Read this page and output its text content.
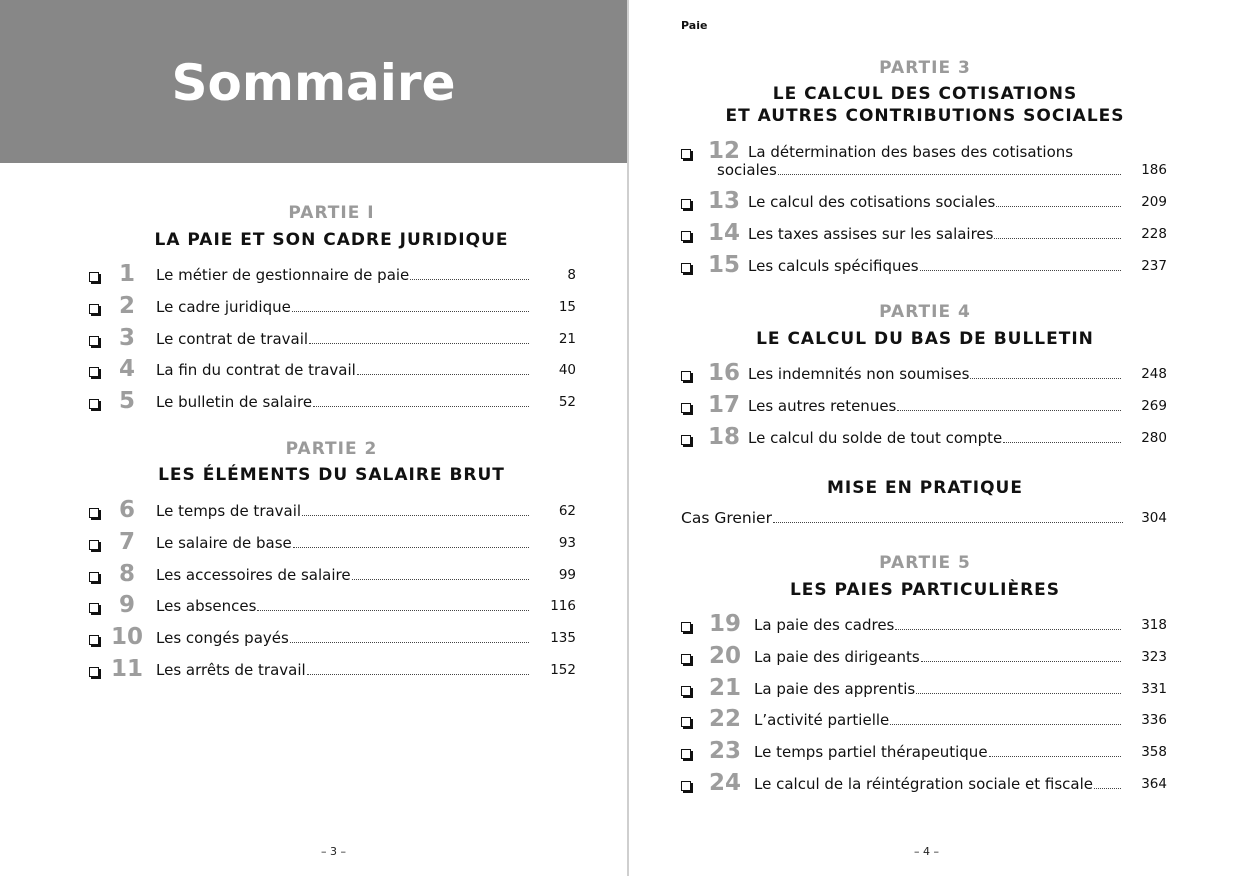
Sommaire
PARTIE I
LA PAIE ET SON CADRE JURIDIQUE
1	Le métier de gestionnaire de paie	8
2	Le cadre juridique	15
3	Le contrat de travail	21
4	La fin du contrat de travail	40
5	Le bulletin de salaire	52
PARTIE 2
LES ÉLÉMENTS DU SALAIRE BRUT
6	Le temps de travail	62
7	Le salaire de base	93
8	Les accessoires de salaire	99
9	Les absences	116
10 Les congés payés	135
11 Les arrêts de travail	152
– 3 –
Paie
PARTIE 3
LE CALCUL DES COTISATIONS
ET AUTRES CONTRIBUTIONS SOCIALES
12 La détermination des bases des cotisations
sociales	186
13 Le calcul des cotisations sociales	209
14 Les taxes assises sur les salaires	228
15 Les calculs spécifiques	237
PARTIE 4
LE CALCUL DU BAS DE BULLETIN
16 Les indemnités non soumises	248
17 Les autres retenues	269
18 Le calcul du solde de tout compte	280
MISE EN PRATIQUE
Cas Grenier	304
PARTIE 5
LES PAIES PARTICULIÈRES
19 La paie des cadres	318
20 La paie des dirigeants	323
21 La paie des apprentis	331
22 L’activité partielle	336
23 Le temps partiel thérapeutique	358
24 Le calcul de la réintégration sociale et fiscale	364
– 4 –
